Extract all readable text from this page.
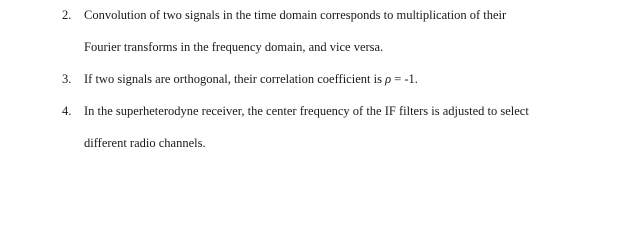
2. Convolution of two signals in the time domain corresponds to multiplication of their
Fourier transforms in the frequency domain, and vice versa.
3. If two signals are orthogonal, their correlation coefficient is ρ = -1.
4. In the superheterodyne receiver, the center frequency of the IF filters is adjusted to select
different radio channels.
